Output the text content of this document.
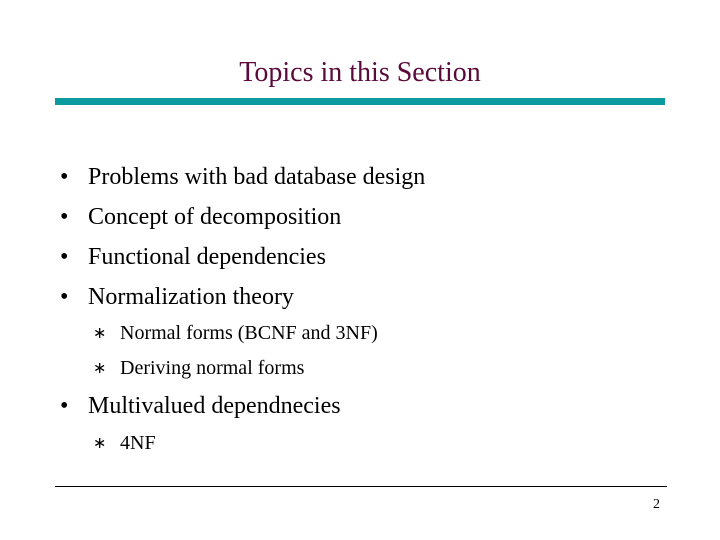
Topics in this Section
• Problems with bad database design
• Concept of decomposition
• Functional dependencies
• Normalization theory
∗ Normal forms (BCNF and 3NF)
∗ Deriving normal forms
• Multivalued dependnecies
∗ 4NF
2
